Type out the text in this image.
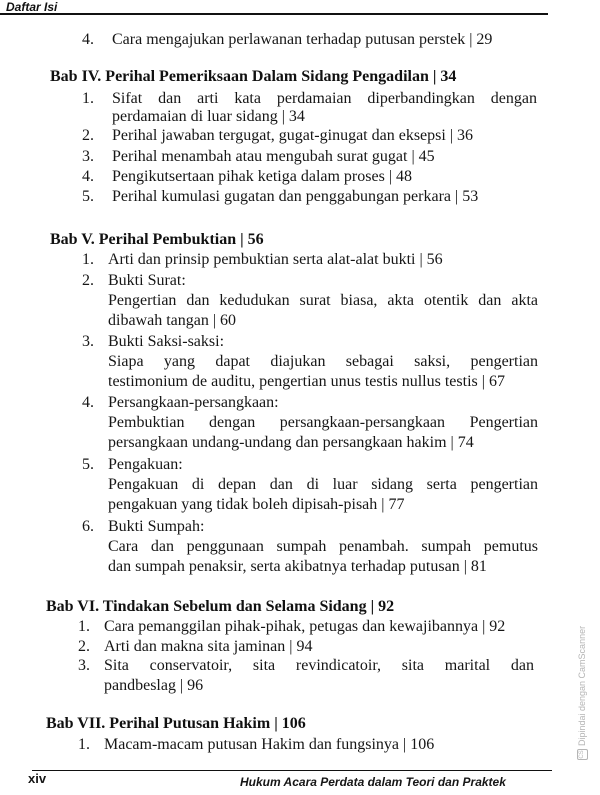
Daftar Isi
4. Cara mengajukan perlawanan terhadap putusan perstek | 29
Bab IV. Perihal Pemeriksaan Dalam Sidang Pengadilan | 34
1. Sifat dan arti kata perdamaian diperbandingkan dengan
perdamaian di luar sidang | 34
2. Perihal jawaban tergugat, gugat-ginugat dan eksepsi | 36
3. Perihal menambah atau mengubah surat gugat | 45
4. Pengikutsertaan pihak ketiga dalam proses | 48
5. Perihal kumulasi gugatan dan penggabungan perkara | 53
Bab V. Perihal Pembuktian | 56
1. Arti dan prinsip pembuktian serta alat-alat bukti | 56
2. Bukti Surat:
Pengertian dan kedudukan surat biasa, akta otentik dan akta
dibawah tangan | 60
3. Bukti Saksi-saksi:
Siapa yang dapat diajukan sebagai saksi, pengertian
testimonium de auditu, pengertian unus testis nullus testis | 67
4. Persangkaan-persangkaan:
Pembuktian dengan persangkaan-persangkaan Pengertian
persangkaan undang-undang dan persangkaan hakim | 74
5. Pengakuan:
Pengakuan di depan dan di luar sidang serta pengertian
pengakuan yang tidak boleh dipisah-pisah | 77
6. Bukti Sumpah:
Cara dan penggunaan sumpah penambah. sumpah pemutus
dan sumpah penaksir, serta akibatnya terhadap putusan | 81
Bab VI. Tindakan Sebelum dan Selama Sidang | 92
1. Cara pemanggilan pihak-pihak, petugas dan kewajibannya | 92
2. Arti dan makna sita jaminan | 94
3. Sita conservatoir, sita revindicatoir, sita marital dan
pandbeslag | 96
Bab VII. Perihal Putusan Hakim | 106
1. Macam-macam putusan Hakim dan fungsinya | 106
xiv	Hukum Acara Perdata dalam Teori dan Praktek
CSDipindai dengan CamScanner
